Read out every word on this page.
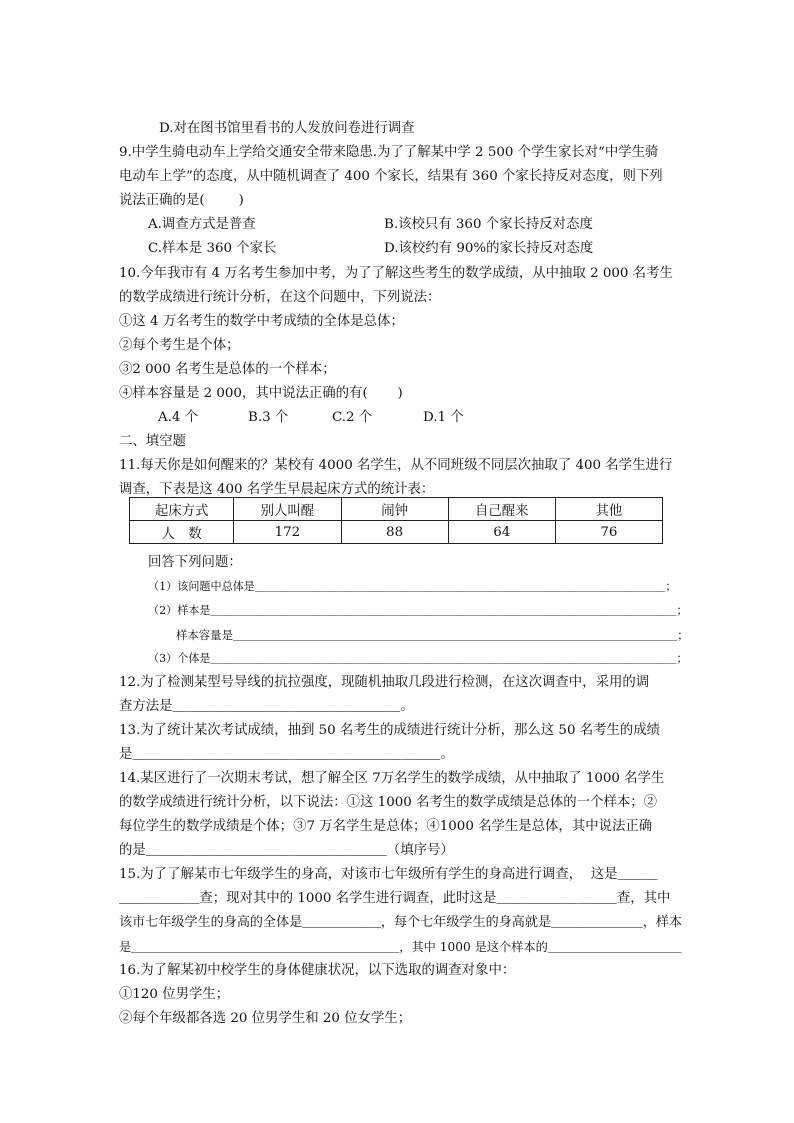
D.对在图书馆里看书的人发放问卷进行调查
9.中学生骑电动车上学给交通安全带来隐患.为了了解某中学 2 500 个学生家长对“中学生骑
电动车上学”的态度，从中随机调查了 400 个家长，结果有 360 个家长持反对态度，则下列
说法正确的是(        )
A.调查方式是普查	B.该校只有 360 个家长持反对态度
C.样本是 360 个家长	D.该校约有 90%的家长持反对态度
10.今年我市有 4 万名考生参加中考，为了了解这些考生的数学成绩，从中抽取 2 000 名考生
的数学成绩进行统计分析，在这个问题中，下列说法：
①这 4 万名考生的数学中考成绩的全体是总体；
②每个考生是个体；
③2 000 名考生是总体的一个样本；
④样本容量是 2 000，其中说法正确的有(       )
A.4 个	B.3 个	C.2 个	D.1 个
二、填空题
11.每天你是如何醒来的？某校有 4000 名学生，从不同班级不同层次抽取了 400 名学生进行
调查，下表是这 400 名学生早晨起床方式的统计表：
起床方式	别人叫醒	闹钟	自己醒来	其他
人　数	172	88	64	76
回答下列问题：
（1）该问题中总体是＿＿＿＿＿＿＿＿＿＿＿＿＿＿＿＿＿＿＿＿＿＿＿＿＿＿＿＿＿＿＿＿＿＿＿＿＿；
（2）样本是＿＿＿＿＿＿＿＿＿＿＿＿＿＿＿＿＿＿＿＿＿＿＿＿＿＿＿＿＿＿＿＿＿＿＿＿＿＿＿＿＿＿；
样本容量是＿＿＿＿＿＿＿＿＿＿＿＿＿＿＿＿＿＿＿＿＿＿＿＿＿＿＿＿＿＿＿＿＿＿＿＿＿＿＿；
（3）个体是＿＿＿＿＿＿＿＿＿＿＿＿＿＿＿＿＿＿＿＿＿＿＿＿＿＿＿＿＿＿＿＿＿＿＿＿＿＿＿＿＿＿；
12.为了检测某型号导线的抗拉强度，现随机抽取几段进行检测，在这次调查中，采用的调
查方法是＿＿＿＿＿＿＿＿＿＿＿＿＿＿＿＿＿。
13.为了统计某次考试成绩，抽到 50 名考生的成绩进行统计分析，那么这 50 名考生的成绩
是＿＿＿＿＿＿＿＿＿＿＿＿＿＿＿＿＿＿＿＿＿＿＿。
14.某区进行了一次期末考试，想了解全区 7万名学生的数学成绩，从中抽取了 1000 名学生
的数学成绩进行统计分析，以下说法：①这 1000 名考生的数学成绩是总体的一个样本；②
每位学生的数学成绩是个体；③7 万名学生是总体；④1000 名学生是总体，其中说法正确
的是＿＿＿＿＿＿＿＿＿＿＿＿＿＿＿＿＿＿（填序号）
15.为了了解某市七年级学生的身高，对该市七年级所有学生的身高进行调查，  这是＿＿＿
＿＿＿＿＿＿查；现对其中的 1000 名学生进行调查，此时这是＿＿＿＿＿＿＿＿＿查，其中
该市七年级学生的身高的全体是＿＿＿＿＿＿，每个七年级学生的身高就是＿＿＿＿＿＿＿，样本
是＿＿＿＿＿＿＿＿＿＿＿＿＿＿＿＿＿＿＿＿＿＿，其中 1000 是这个样本的＿＿＿＿＿＿＿＿＿＿＿
16.为了解某初中校学生的身体健康状况，以下选取的调查对象中：
①120 位男学生；
②每个年级都各选 20 位男学生和 20 位女学生；
